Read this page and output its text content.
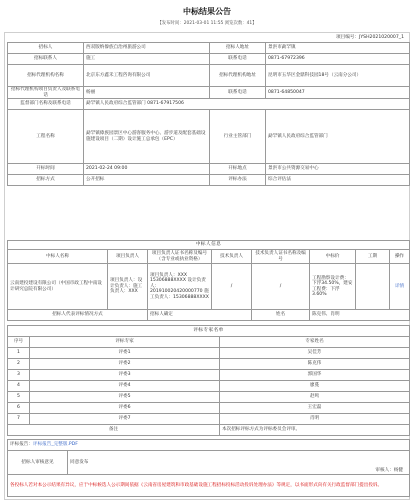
中标结果公告
【发布时间：2021-03-01 11:55 浏览次数：41】
项目编号：JYSH2021020007_1
招标人	西双版纳傣族自治州旅游公司	招标人地址	景洪市勐罕镇
招标联系人	施工	联系电话	0871-67972396
招标代理机构名称	北京东方鑫禾工程咨询有限公司	招标代理机构地址	昆明市五华区金鼎科技园18号（云南分公司）
招标代理机构项目负责人及联系电话	杨丽	联系电话	0871-64850047
监督部门名称及联系电话	勐罕镇人民政府综合监管部门 0871-67917506		
工程名称	勐罕镇傣族园景区中心游客服务中心、游步道及配套基础设施建设项目（二期）设计施工总承包（EPC）	行业主管部门	勐罕镇人民政府综合监管部门
开标时间	2021-02-24 09:00	开标地点	景洪市公共资源交易中心
招标方式	公开招标	评标办法	综合评估法
中标人信息							
中标人名称	项目负责人	项目负责人证书名称及编号（含专业或执业资格）	技术负责人	技术负责人证书名称及编号	中标价	工期	操作
云南建投建设有限公司（中国市政工程中南设计研究总院有限公司）	项目负责人：设计负责人：施工负责人：XXX	项目负责人：XXX 15306888XXXX 设计负责人：201910020420000770 施工负责人：15306888XXXX	/	/	工程勘察设计费：下浮34.50%，建安工程费：下浮3.60%		详情
招标人代表评标情况方式		招标人确定		姓名	陈克伟、肖明		
评标专家名单		
序号	评标专家	专家姓名
1	评委1	吴佳芳
2	评委2	陈克伟
3	评委3	郭国华
4	评委4	廖蔓
5	评委5	赵鸣
6	评委6	王宏磊
7	评委7	肖明
备注		本次招标评标方式为评标委员会评审。
评标报告：评标报告_完整版.PDF
招标人审核意见	同意发布
审核人：杨健

各投标人若对本公示结果有异议，应于中标候选人公示期间依据《云南省房屋建筑和市政基础设施工程招标投标活动投诉处理办法》等规定，以书面形式向有关行政监督部门提出投诉。
